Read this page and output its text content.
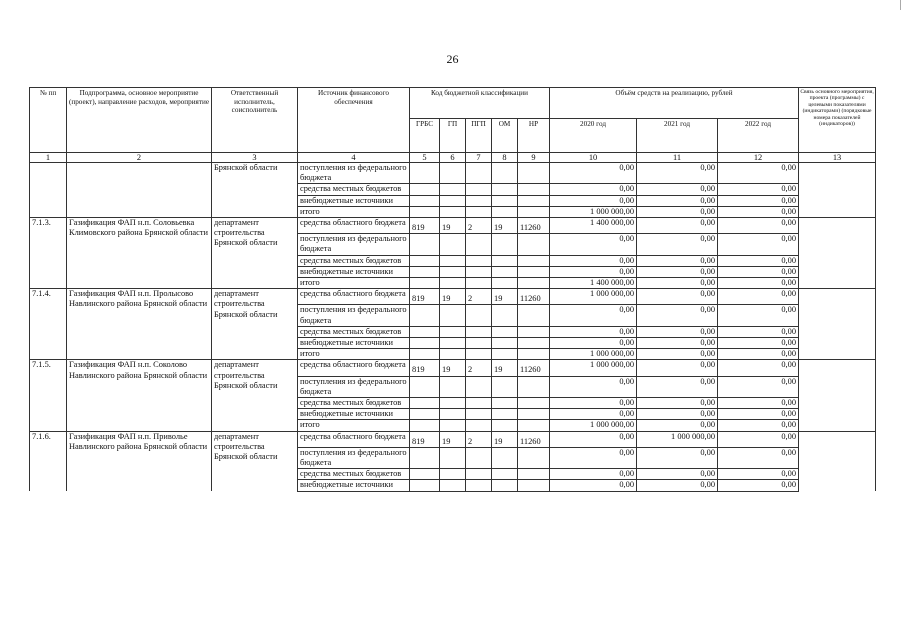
26
№ пп	Подпрограмма, основное мероприятие (проект), направление расходов, мероприятие	Ответственный исполнитель, соисполнитель	Источник финансового обеспечения	Код бюджетной классификации					Объём средств на реализацию, рублей			Связь основного мероприятия, проекта (программы) с целевыми показателями (индикаторами) (порядковые номера показателей (индикаторов))
				ГРБС	ГП	ПГП	ОМ	НР	2020 год	2021 год	2022 год	
1	2	3	4	5	6	7	8	9	10	11	12	13
		Брянской области	поступления из федерального бюджета						0,00	0,00	0,00	
			средства местных бюджетов						0,00	0,00	0,00	
			внебюджетные источники						0,00	0,00	0,00	
			итого						1 000 000,00	0,00	0,00	
7.1.3.	Газификация ФАП н.п. Соловьевка Климовского района Брянской области	департамент строительства Брянской области	средства областного бюджета	819	19	2	19	11260	1 400 000,00	0,00	0,00	
			поступления из федерального бюджета						0,00	0,00	0,00	
			средства местных бюджетов						0,00	0,00	0,00	
			внебюджетные источники						0,00	0,00	0,00	
			итого						1 400 000,00	0,00	0,00	
7.1.4.	Газификация ФАП н.п. Пролысово Навлинского района Брянской области	департамент строительства Брянской области	средства областного бюджета	819	19	2	19	11260	1 000 000,00	0,00	0,00	
			поступления из федерального бюджета						0,00	0,00	0,00	
			средства местных бюджетов						0,00	0,00	0,00	
			внебюджетные источники						0,00	0,00	0,00	
			итого						1 000 000,00	0,00	0,00	
7.1.5.	Газификация ФАП н.п. Соколово Навлинского района Брянской области	департамент строительства Брянской области	средства областного бюджета	819	19	2	19	11260	1 000 000,00	0,00	0,00	
			поступления из федерального бюджета						0,00	0,00	0,00	
			средства местных бюджетов						0,00	0,00	0,00	
			внебюджетные источники						0,00	0,00	0,00	
			итого						1 000 000,00	0,00	0,00	
7.1.6.	Газификация ФАП н.п. Приволье Навлинского района Брянской области	департамент строительства Брянской области	средства областного бюджета	819	19	2	19	11260	0,00	1 000 000,00	0,00	
			поступления из федерального бюджета						0,00	0,00	0,00	
			средства местных бюджетов						0,00	0,00	0,00	
			внебюджетные источники						0,00	0,00	0,00	
